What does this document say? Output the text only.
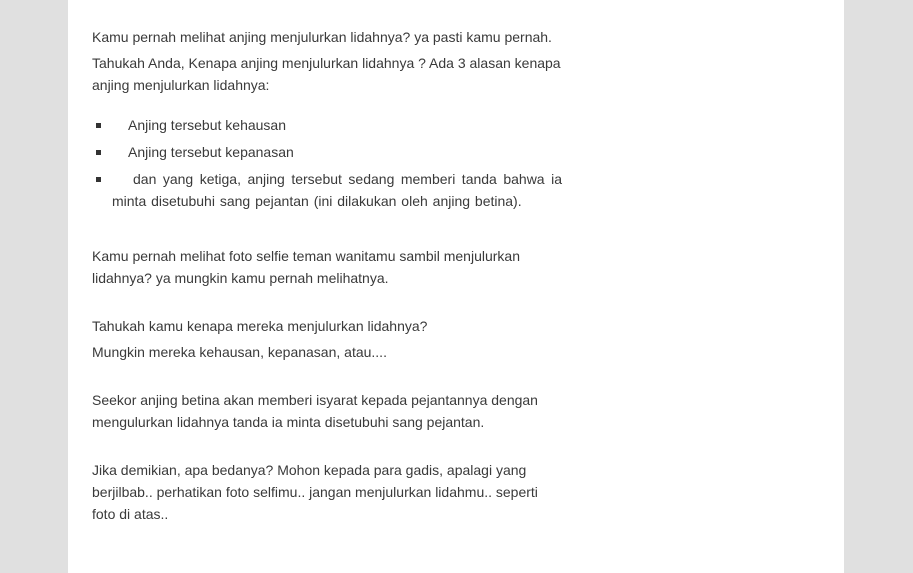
Kamu pernah melihat anjing menjulurkan lidahnya? ya pasti kamu pernah.

Tahukah Anda, Kenapa anjing menjulurkan lidahnya ? Ada 3 alasan kenapa anjing menjulurkan lidahnya:

Anjing tersebut kehausan
Anjing tersebut kepanasan
dan yang ketiga, anjing tersebut sedang memberi tanda bahwa ia minta disetubuhi sang pejantan (ini dilakukan oleh anjing betina).

Kamu pernah melihat foto selfie teman wanitamu sambil menjulurkan lidahnya? ya mungkin kamu pernah melihatnya.

Tahukah kamu kenapa mereka menjulurkan lidahnya?

Mungkin mereka kehausan, kepanasan, atau....

Seekor anjing betina akan memberi isyarat kepada pejantannya dengan mengulurkan lidahnya tanda ia minta disetubuhi sang pejantan.

Jika demikian, apa bedanya? Mohon kepada para gadis, apalagi yang berjilbab.. perhatikan foto selfimu.. jangan menjulurkan lidahmu.. seperti foto di atas..
